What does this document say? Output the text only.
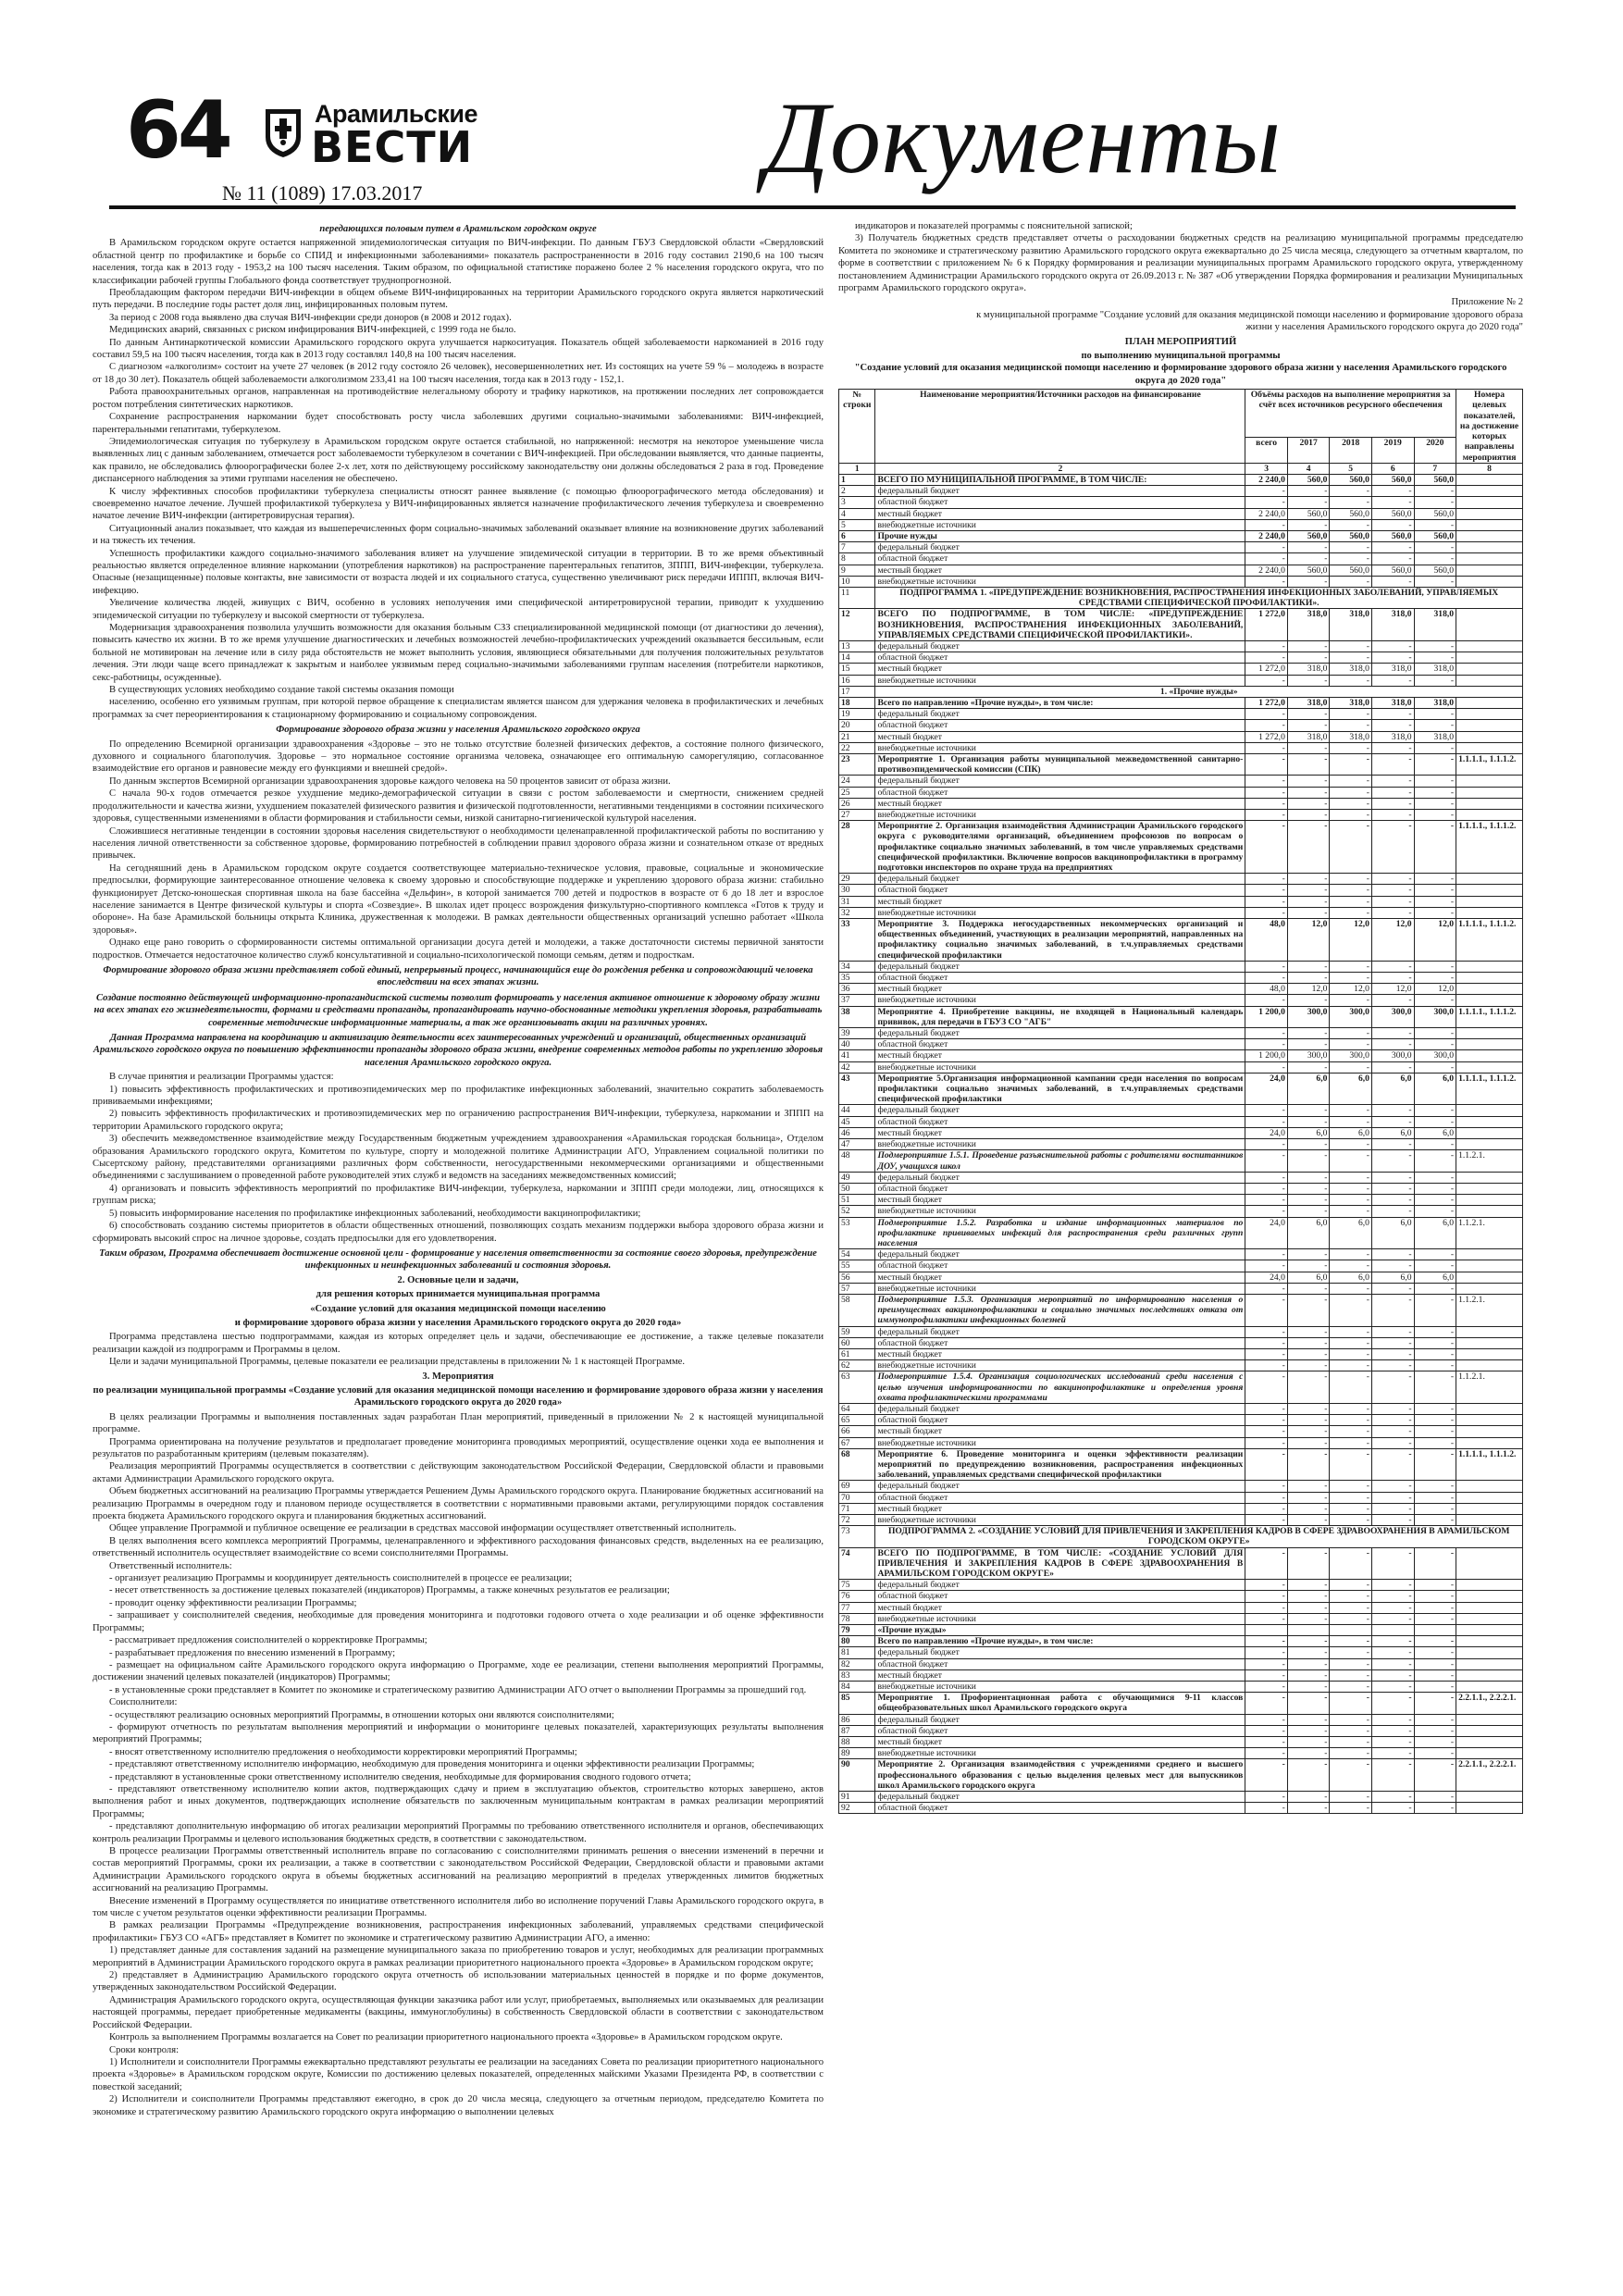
64	Арамильские
ВЕСТИ
№ 11 (1089) 17.03.2017	Документы

передающихся половым путем в Арамильском городском округе

В Арамильском городском округе остается напряженной эпидемиологическая ситуация по ВИЧ-инфекции. По данным ГБУЗ Свердловской области «Свердловский областной центр по профилактике и борьбе со СПИД и инфекционными заболеваниями» показатель распространенности в 2016 году составил 2190,6 на 100 тысяч населения, тогда как в 2013 году - 1953,2 на 100 тысяч населения. Таким образом, по официальной статистике поражено более 2 % населения городского округа, что по классификации рабочей группы Глобального фонда соответствует труднопрогнозной.

Преобладающим фактором передачи ВИЧ-инфекции в общем объеме ВИЧ-инфицированных на территории Арамильского городского округа является наркотический путь передачи. В последние годы растет доля лиц, инфицированных половым путем.

За период с 2008 года выявлено два случая ВИЧ-инфекции среди доноров (в 2008 и 2012 годах).

Медицинских аварий, связанных с риском инфицирования ВИЧ-инфекцией, с 1999 года не было.

По данным Антинаркотической комиссии Арамильского городского округа улучшается наркоситуация. Показатель общей заболеваемости наркоманией в 2016 году составил 59,5 на 100 тысяч населения, тогда как в 2013 году составлял 140,8 на 100 тысяч населения.

С диагнозом «алкоголизм» состоит на учете 27 человек (в 2012 году состояло 26 человек), несовершеннолетних нет. Из состоящих на учете 59 % – молодежь в возрасте от 18 до 30 лет). Показатель общей заболеваемости алкоголизмом 233,41 на 100 тысяч населения, тогда как в 2013 году - 152,1.

Работа правоохранительных органов, направленная на противодействие нелегальному обороту и трафику наркотиков, на протяжении последних лет сопровождается ростом потребления синтетических наркотиков.

Сохранение распространения наркомании будет способствовать росту числа заболевших другими социально-значимыми заболеваниями: ВИЧ-инфекцией, парентеральными гепатитами, туберкулезом.

Эпидемиологическая ситуация по туберкулезу в Арамильском городском округе остается стабильной, но напряженной: несмотря на некоторое уменьшение числа выявленных лиц с данным заболеванием, отмечается рост заболеваемости туберкулезом в сочетании с ВИЧ-инфекцией. При обследовании выявляется, что данные пациенты, как правило, не обследовались флюорографически более 2-х лет, хотя по действующему российскому законодательству они должны обследоваться 2 раза в год. Проведение диспансерного наблюдения за этими группами населения не обеспечено.

К числу эффективных способов профилактики туберкулеза специалисты относят раннее выявление (с помощью флюорографического метода обследования) и своевременно начатое лечение. Лучшей профилактикой туберкулеза у ВИЧ-инфицированных является назначение профилактического лечения туберкулеза и своевременно начатое лечение ВИЧ-инфекции (антиретровирусная терапия).

Ситуационный анализ показывает, что каждая из вышеперечисленных форм социально-значимых заболеваний оказывает влияние на возникновение других заболеваний и на тяжесть их течения.

Успешность профилактики каждого социально-значимого заболевания влияет на улучшение эпидемической ситуации в территории. В то же время объективный реальностью является определенное влияние наркомании (употребления наркотиков) на распространение парентеральных гепатитов, ЗППП, ВИЧ-инфекции, туберкулеза. Опасные (незащищенные) половые контакты, вне зависимости от возраста людей и их социального статуса, существенно увеличивают риск передачи ИППП, включая ВИЧ-инфекцию.

Увеличение количества людей, живущих с ВИЧ, особенно в условиях неполучения ими специфической антиретровирусной терапии, приводит к ухудшению эпидемической ситуации по туберкулезу и высокой смертности от туберкулеза.

Модернизация здравоохранения позволила улучшить возможности для оказания больным СЗЗ специализированной медицинской помощи (от диагностики до лечения), повысить качество их жизни. В то же время улучшение диагностических и лечебных возможностей лечебно-профилактических учреждений оказывается бессильным, если больной не мотивирован на лечение или в силу ряда обстоятельств не может выполнить условия, являющиеся обязательными для получения положительных результатов лечения. Эти люди чаще всего принадлежат к закрытым и наиболее уязвимым перед социально-значимыми заболеваниями группам населения (потребители наркотиков, секс-работницы, осужденные).

В существующих условиях необходимо создание такой системы оказания помощи

населению, особенно его уязвимым группам, при которой первое обращение к специалистам является шансом для удержания человека в профилактических и лечебных программах за счет переориентирования к стационарному формированию и социальному сопровождения.

Формирование здорового образа жизни у населения Арамильского городского округа

По определению Всемирной организации здравоохранения «Здоровье – это не только отсутствие болезней физических дефектов, а состояние полного физического, духовного и социального благополучия. Здоровье – это нормальное состояние организма человека, означающее его оптимальную саморегуляцию, согласованное взаимодействие его органов и равновесие между его функциями и внешней средой».

По данным экспертов Всемирной организации здравоохранения здоровье каждого человека на 50 процентов зависит от образа жизни.

С начала 90-х годов отмечается резкое ухудшение медико-демографической ситуации в связи с ростом заболеваемости и смертности, снижением средней продолжительности и качества жизни, ухудшением показателей физического развития и физической подготовленности, негативными тенденциями в состоянии психического здоровья, существенными изменениями в области формирования и стабильности семьи, низкой санитарно-гигиенической культурой населения.

Сложившиеся негативные тенденции в состоянии здоровья населения свидетельствуют о необходимости целенаправленной профилактической работы по воспитанию у населения личной ответственности за собственное здоровье, формированию потребностей в соблюдении правил здорового образа жизни и сознательном отказе от вредных привычек.

На сегодняшний день в Арамильском городском округе создается соответствующее материально-техническое условия, правовые, социальные и экономические предпосылки, формирующие заинтересованное отношение человека к своему здоровью и способствующие поддержке и укреплению здорового образа жизни: стабильно функционирует Детско-юношеская спортивная школа на базе бассейна «Дельфин», в которой занимается 700 детей и подростков в возрасте от 6 до 18 лет и взрослое население занимается в Центре физической культуры и спорта «Созвездие». В школах идет процесс возрождения физкультурно-спортивного комплекса «Готов к труду и обороне». На базе Арамильской больницы открыта Клиника, дружественная к молодежи. В рамках деятельности общественных организаций успешно работает «Школа здоровья».

Однако еще рано говорить о сформированности системы оптимальной организации досуга детей и молодежи, а также достаточности системы первичной занятости подростков. Отмечается недостаточное количество служб консультативной и социально-психологической помощи семьям, детям и подросткам.

Формирование здорового образа жизни представляет собой единый, непрерывный процесс, начинающийся еще до рождения ребенка и сопровождающий человека впоследствии на всех этапах жизни.

Создание постоянно действующей информационно-пропагандистской системы позволит формировать у населения активное отношение к здоровому образу жизни на всех этапах его жизнедеятельности, формами и средствами пропаганды, пропагандировать научно-обоснованные методики укрепления здоровья, разрабатывать современные методические информационные материалы, а так же организовывать акции на различных уровнях.

Данная Программа направлена на координацию и активизацию деятельности всех заинтересованных учреждений и организаций, общественных организаций Арамильского городского округа по повышению эффективности пропаганды здорового образа жизни, внедрение современных методов работы по укреплению здоровья населения Арамильского городского округа.

В случае принятия и реализации Программы удастся:

1) повысить эффективность профилактических и противоэпидемических мер по профилактике инфекционных заболеваний, значительно сократить заболеваемость прививаемыми инфекциями;

2) повысить эффективность профилактических и противоэпидемических мер по ограничению распространения ВИЧ-инфекции, туберкулеза, наркомании и ЗППП на территории Арамильского городского округа;

3) обеспечить межведомственное взаимодействие между Государственным бюджетным учреждением здравоохранения «Арамильская городская больница», Отделом образования Арамильского городского округа, Комитетом по культуре, спорту и молодежной политике Администрации АГО, Управлением социальной политики по Сысертскому району, представителями организациями различных форм собственности, негосударственными некоммерческими организациями и общественными объединениями с заслушиванием о проведенной работе руководителей этих служб и ведомств на заседаниях межведомственных комиссий;

4) организовать и повысить эффективность мероприятий по профилактике ВИЧ-инфекции, туберкулеза, наркомании и ЗППП среди молодежи, лиц, относящихся к группам риска;

5) повысить информирование населения по профилактике инфекционных заболеваний, необходимости вакцинопрофилактики;

6) способствовать созданию системы приоритетов в области общественных отношений, позволяющих создать механизм поддержки выбора здорового образа жизни и сформировать высокий спрос на личное здоровье, создать предпосылки для его удовлетворения.

Таким образом, Программа обеспечивает достижение основной цели - формирование у населения ответственности за состояние своего здоровья, предупреждение инфекционных и неинфекционных заболеваний и состояния здоровья.

2. Основные цели и задачи,

для решения которых принимается муниципальная программа

«Создание условий для оказания медицинской помощи населению

и формирование здорового образа жизни у населения Арамильского городского округа до 2020 года»

Программа представлена шестью подпрограммами, каждая из которых определяет цель и задачи, обеспечивающие ее достижение, а также целевые показатели реализации каждой из подпрограмм и Программы в целом.

Цели и задачи муниципальной Программы, целевые показатели ее реализации представлены в приложении № 1 к настоящей Программе.

3. Мероприятия

по реализации муниципальной программы «Создание условий для оказания медицинской помощи населению и формирование здорового образа жизни у населения Арамильского городского округа до 2020 года»

В целях реализации Программы и выполнения поставленных задач разработан План мероприятий, приведенный в приложении № 2 к настоящей муниципальной программе.

Программа ориентирована на получение результатов и предполагает проведение мониторинга проводимых мероприятий, осуществление оценки хода ее выполнения и результатов по разработанным критериям (целевым показателям).

Реализация мероприятий Программы осуществляется в соответствии с действующим законодательством Российской Федерации, Свердловской области и правовыми актами Администрации Арамильского городского округа.

Объем бюджетных ассигнований на реализацию Программы утверждается Решением Думы Арамильского городского округа. Планирование бюджетных ассигнований на реализацию Программы в очередном году и плановом периоде осуществляется в соответствии с нормативными правовыми актами, регулирующими порядок составления проекта бюджета Арамильского городского округа и планирования бюджетных ассигнований.

Общее управление Программой и публичное освещение ее реализации в средствах массовой информации осуществляет ответственный исполнитель.

В целях выполнения всего комплекса мероприятий Программы, целенаправленного и эффективного расходования финансовых средств, выделенных на ее реализацию, ответственный исполнитель осуществляет взаимодействие со всеми соисполнителями Программы.

Ответственный исполнитель:

- организует реализацию Программы и координирует деятельность соисполнителей в процессе ее реализации;

- несет ответственность за достижение целевых показателей (индикаторов) Программы, а также конечных результатов ее реализации;

- проводит оценку эффективности реализации Программы;

- запрашивает у соисполнителей сведения, необходимые для проведения мониторинга и подготовки годового отчета о ходе реализации и об оценке эффективности Программы;

- рассматривает предложения соисполнителей о корректировке Программы;

- разрабатывает предложения по внесению изменений в Программу;

- размещает на официальном сайте Арамильского городского округа информацию о Программе, ходе ее реализации, степени выполнения мероприятий Программы, достижении значений целевых показателей (индикаторов) Программы;

- в установленные сроки представляет в Комитет по экономике и стратегическому развитию Администрации АГО отчет о выполнении Программы за прошедший год.

Соисполнители:

- осуществляют реализацию основных мероприятий Программы, в отношении которых они являются соисполнителями;

- формируют отчетность по результатам выполнения мероприятий и информации о мониторинге целевых показателей, характеризующих результаты выполнения мероприятий Программы;

- вносят ответственному исполнителю предложения о необходимости корректировки мероприятий Программы;

- представляют ответственному исполнителю информацию, необходимую для проведения мониторинга и оценки эффективности реализации Программы;

- представляют в установленные сроки ответственному исполнителю сведения, необходимые для формирования сводного годового отчета;

- представляют ответственному исполнителю копии актов, подтверждающих сдачу и прием в эксплуатацию объектов, строительство которых завершено, актов выполнения работ и иных документов, подтверждающих исполнение обязательств по заключенным муниципальным контрактам в рамках реализации мероприятий Программы;

- представляют дополнительную информацию об итогах реализации мероприятий Программы по требованию ответственного исполнителя и органов, обеспечивающих контроль реализации Программы и целевого использования бюджетных средств, в соответствии с законодательством.

В процессе реализации Программы ответственный исполнитель вправе по согласованию с соисполнителями принимать решения о внесении изменений в перечни и состав мероприятий Программы, сроки их реализации, а также в соответствии с законодательством Российской Федерации, Свердловской области и правовыми актами Администрации Арамильского городского округа в объемы бюджетных ассигнований на реализацию мероприятий в пределах утвержденных лимитов бюджетных ассигнований на реализацию Программы.

Внесение изменений в Программу осуществляется по инициативе ответственного исполнителя либо во исполнение поручений Главы Арамильского городского округа, в том числе с учетом результатов оценки эффективности реализации Программы.

В рамках реализации Программы «Предупреждение возникновения, распространения инфекционных заболеваний, управляемых средствами специфической профилактики» ГБУЗ СО «АГБ» представляет в Комитет по экономике и стратегическому развитию Администрации АГО, а именно:

1) представляет данные для составления заданий на размещение муниципального заказа по приобретению товаров и услуг, необходимых для реализации программных мероприятий в Администрации Арамильского городского округа в рамках реализации приоритетного национального проекта «Здоровье» в Арамильском городском округе;

2) представляет в Администрацию Арамильского городского округа отчетность об использовании материальных ценностей в порядке и по форме документов, утвержденных законодательством Российской Федерации.

Администрация Арамильского городского округа, осуществляющая функции заказчика работ или услуг, приобретаемых, выполняемых или оказываемых для реализации настоящей программы, передает приобретенные медикаменты (вакцины, иммуноглобулины) в собственность Свердловской области в соответствии с законодательством Российской Федерации.

Контроль за выполнением Программы возлагается на Совет по реализации приоритетного национального проекта «Здоровье» в Арамильском городском округе.

Сроки контроля:

1) Исполнители и соисполнители Программы ежеквартально представляют результаты ее реализации на заседаниях Совета по реализации приоритетного национального проекта «Здоровье» в Арамильском городском округе, Комиссии по достижению целевых показателей, определенных майскими Указами Президента РФ, в соответствии с повесткой заседаний;

2) Исполнители и соисполнители Программы представляют ежегодно, в срок до 20 числа месяца, следующего за отчетным периодом, председателю Комитета по экономике и стратегическому развитию Арамильского городского округа информацию о выполнении целевых

индикаторов и показателей программы с пояснительной запиской;

3) Получатель бюджетных средств представляет отчеты о расходовании бюджетных средств на реализацию муниципальной программы председателю Комитета по экономике и стратегическому развитию Арамильского городского округа ежеквартально до 25 числа месяца, следующего за отчетным кварталом, по форме в соответствии с приложением № 6 к Порядку формирования и реализации муниципальных программ Арамильского городского округа, утвержденному постановлением Администрации Арамильского городского округа от 26.09.2013 г. № 387 «Об утверждении Порядка формирования и реализации Муниципальных программ Арамильского городского округа».

Приложение № 2

к муниципальной программе "Создание условий для оказания медицинской помощи населению и формирование здорового образа жизни у населения Арамильского городского округа до 2020 года"

ПЛАН МЕРОПРИЯТИЙ

по выполнению муниципальной программы

"Создание условий для оказания медицинской помощи населению и формирование здорового образа жизни у населения Арамильского городского округа до 2020 года"

№ строки	Наименование мероприятия/Источники расходов на финансирование	Объёмы расходов на выполнение мероприятия за счёт всех источников ресурсного обеспечения					Номера целевых показателей, на достижение которых направлены мероприятия
		всего	2017	2018	2019	2020	
1	2	3	4	5	6	7	8
1	ВСЕГО ПО МУНИЦИПАЛЬНОЙ ПРОГРАММЕ, В ТОМ ЧИСЛЕ:	2 240,0	560,0	560,0	560,0	560,0	
2	федеральный бюджет	-	-	-	-	-	
3	областной бюджет	-	-	-	-	-	
4	местный бюджет	2 240,0	560,0	560,0	560,0	560,0	
5	внебюджетные источники	-	-	-	-	-	
6	Прочие нужды	2 240,0	560,0	560,0	560,0	560,0	
7	федеральный бюджет	-	-	-	-	-	
8	областной бюджет	-	-	-	-	-	
9	местный бюджет	2 240,0	560,0	560,0	560,0	560,0	
10	внебюджетные источники	-	-	-	-	-	
11	ПОДПРОГРАММА 1. «ПРЕДУПРЕЖДЕНИЕ ВОЗНИКНОВЕНИЯ, РАСПРОСТРАНЕНИЯ ИНФЕКЦИОННЫХ ЗАБОЛЕВАНИЙ, УПРАВЛЯЕМЫХ СРЕДСТВАМИ СПЕЦИФИЧЕСКОЙ ПРОФИЛАКТИКИ».						
12	ВСЕГО ПО ПОДПРОГРАММЕ, В ТОМ ЧИСЛЕ: «ПРЕДУПРЕЖДЕНИЕ ВОЗНИКНОВЕНИЯ, РАСПРОСТРАНЕНИЯ ИНФЕКЦИОННЫХ ЗАБОЛЕВАНИЙ, УПРАВЛЯЕМЫХ СРЕДСТВАМИ СПЕЦИФИЧЕСКОЙ ПРОФИЛАКТИКИ».	1 272,0	318,0	318,0	318,0	318,0	
13	федеральный бюджет	-	-	-	-	-	
14	областной бюджет	-	-	-	-	-	
15	местный бюджет	1 272,0	318,0	318,0	318,0	318,0	
16	внебюджетные источники	-	-	-	-	-	
17	1. «Прочие нужды»						
18	Всего по направлению «Прочие нужды», в том числе:	1 272,0	318,0	318,0	318,0	318,0	
19	федеральный бюджет	-	-	-	-	-	
20	областной бюджет	-	-	-	-	-	
21	местный бюджет	1 272,0	318,0	318,0	318,0	318,0	
22	внебюджетные источники	-	-	-	-	-	
23	Мероприятие 1. Организация работы муниципальной межведомственной санитарно-противоэпидемической комиссии (СПК)	-	-	-	-	-	1.1.1.1., 1.1.1.2.
24	федеральный бюджет	-	-	-	-	-	
25	областной бюджет	-	-	-	-	-	
26	местный бюджет	-	-	-	-	-	
27	внебюджетные источники	-	-	-	-	-	
28	Мероприятие 2. Организация взаимодействия Администрации Арамильского городского округа с руководителями организаций, объединением профсоюзов по вопросам о профилактике социально значимых заболеваний, в том числе управляемых средствами специфической профилактики. Включение вопросов вакцинопрофилактики в программу подготовки инспекторов по охране труда на предприятиях	-	-	-	-	-	1.1.1.1., 1.1.1.2.
29	федеральный бюджет	-	-	-	-	-	
30	областной бюджет	-	-	-	-	-	
31	местный бюджет	-	-	-	-	-	
32	внебюджетные источники	-	-	-	-	-	
33	Мероприятие 3. Поддержка негосударственных некоммерческих организаций и общественных объединений, участвующих в реализации мероприятий, направленных на профилактику социально значимых заболеваний, в т.ч.управляемых средствами специфической профилактики	48,0	12,0	12,0	12,0	12,0	1.1.1.1., 1.1.1.2.
34	федеральный бюджет	-	-	-	-	-	
35	областной бюджет	-	-	-	-	-	
36	местный бюджет	48,0	12,0	12,0	12,0	12,0	
37	внебюджетные источники	-	-	-	-	-	
38	Мероприятие 4. Приобретение вакцины, не входящей в Национальный календарь прививок, для передачи в ГБУЗ СО "АГБ"	1 200,0	300,0	300,0	300,0	300,0	1.1.1.1., 1.1.1.2.
39	федеральный бюджет	-	-	-	-	-	
40	областной бюджет	-	-	-	-	-	
41	местный бюджет	1 200,0	300,0	300,0	300,0	300,0	
42	внебюджетные источники	-	-	-	-	-	
43	Мероприятие 5.Организация информационной кампании среди населения по вопросам профилактики социально значимых заболеваний, в т.ч.управляемых средствами специфической профилактики	24,0	6,0	6,0	6,0	6,0	1.1.1.1., 1.1.1.2.
44	федеральный бюджет	-	-	-	-	-	
45	областной бюджет	-	-	-	-	-	
46	местный бюджет	24,0	6,0	6,0	6,0	6,0	
47	внебюджетные источники	-	-	-	-	-	
48	Подмероприятие 1.5.1. Проведение разъяснительной работы с родителями воспитанников ДОУ, учащихся школ	-	-	-	-	-	1.1.2.1.
49	федеральный бюджет	-	-	-	-	-	
50	областной бюджет	-	-	-	-	-	
51	местный бюджет	-	-	-	-	-	
52	внебюджетные источники	-	-	-	-	-	
53	Подмероприятие 1.5.2. Разработка и издание информационных материалов по профилактике прививаемых инфекций для распространения среди различных групп населения	24,0	6,0	6,0	6,0	6,0	1.1.2.1.
54	федеральный бюджет	-	-	-	-	-	
55	областной бюджет	-	-	-	-	-	
56	местный бюджет	24,0	6,0	6,0	6,0	6,0	
57	внебюджетные источники	-	-	-	-	-	
58	Подмероприятие 1.5.3. Организация мероприятий по информированию населения о преимуществах вакцинопрофилактики и социально значимых последствиях отказа от иммунопрофилактики инфекционных болезней	-	-	-	-	-	1.1.2.1.
59	федеральный бюджет	-	-	-	-	-	
60	областной бюджет	-	-	-	-	-	
61	местный бюджет	-	-	-	-	-	
62	внебюджетные источники	-	-	-	-	-	
63	Подмероприятие 1.5.4. Организация социологических исследований среди населения с целью изучения информированности по вакцинопрофилактике и определения уровня охвата профилактическими программами	-	-	-	-	-	1.1.2.1.
64	федеральный бюджет	-	-	-	-	-	
65	областной бюджет	-	-	-	-	-	
66	местный бюджет	-	-	-	-	-	
67	внебюджетные источники	-	-	-	-	-	
68	Мероприятие 6. Проведение мониторинга и оценки эффективности реализации мероприятий по предупреждению возникновения, распространения инфекционных заболеваний, управляемых средствами специфической профилактики	-	-	-	-	-	1.1.1.1., 1.1.1.2.
69	федеральный бюджет	-	-	-	-	-	
70	областной бюджет	-	-	-	-	-	
71	местный бюджет	-	-	-	-	-	
72	внебюджетные источники	-	-	-	-	-	
73	ПОДПРОГРАММА 2. «СОЗДАНИЕ УСЛОВИЙ ДЛЯ ПРИВЛЕЧЕНИЯ И ЗАКРЕПЛЕНИЯ КАДРОВ В СФЕРЕ ЗДРАВООХРАНЕНИЯ В АРАМИЛЬСКОМ ГОРОДСКОМ ОКРУГЕ»						
74	ВСЕГО ПО ПОДПРОГРАММЕ, В ТОМ ЧИСЛЕ: «СОЗДАНИЕ УСЛОВИЙ ДЛЯ ПРИВЛЕЧЕНИЯ И ЗАКРЕПЛЕНИЯ КАДРОВ В СФЕРЕ ЗДРАВООХРАНЕНИЯ В АРАМИЛЬСКОМ ГОРОДСКОМ ОКРУГЕ»	-	-	-	-	-	
75	федеральный бюджет	-	-	-	-	-	
76	областной бюджет	-	-	-	-	-	
77	местный бюджет	-	-	-	-	-	
78	внебюджетные источники	-	-	-	-	-	
79	«Прочие нужды»						
80	Всего по направлению «Прочие нужды», в том числе:	-	-	-	-	-	
81	федеральный бюджет	-	-	-	-	-	
82	областной бюджет	-	-	-	-	-	
83	местный бюджет	-	-	-	-	-	
84	внебюджетные источники	-	-	-	-	-	
85	Мероприятие 1. Профориентационная работа с обучающимися 9-11 классов общеобразовательных школ Арамильского городского округа	-	-	-	-	-	2.2.1.1., 2.2.2.1.
86	федеральный бюджет	-	-	-	-	-	
87	областной бюджет	-	-	-	-	-	
88	местный бюджет	-	-	-	-	-	
89	внебюджетные источники	-	-	-	-	-	
90	Мероприятие 2. Организация взаимодействия с учреждениями среднего и высшего профессионального образования с целью выделения целевых мест для выпускников школ Арамильского городского округа	-	-	-	-	-	2.2.1.1., 2.2.2.1.
91	федеральный бюджет	-	-	-	-	-	
92	областной бюджет	-	-	-	-	-	
